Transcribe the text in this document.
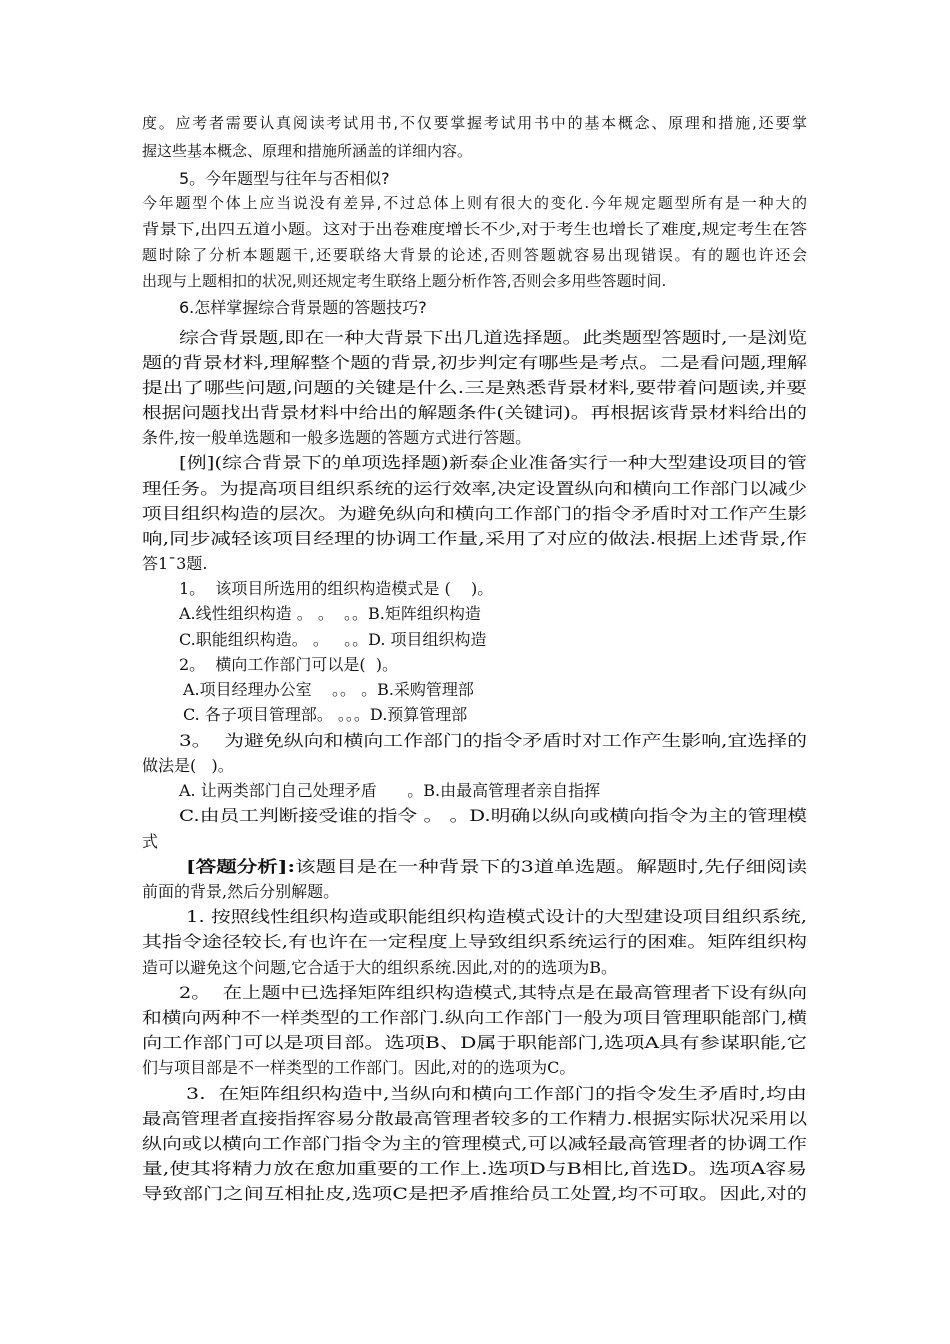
度。应考者需要认真阅读考试用书,不仅要掌握考试用书中的基本概念、原理和措施,还要掌
握这些基本概念、原理和措施所涵盖的详细内容。
5。今年题型与往年与否相似?
今年题型个体上应当说没有差异,不过总体上则有很大的变化.今年规定题型所有是一种大的
背景下,出四五道小题。这对于出卷难度增长不少,对于考生也增长了难度,规定考生在答
题时除了分析本题题干,还要联络大背景的论述,否则答题就容易出现错误。有的题也许还会
出现与上题相扣的状况,则还规定考生联络上题分析作答,否则会多用些答题时间.
6.怎样掌握综合背景题的答题技巧?
综合背景题,即在一种大背景下出几道选择题。此类题型答题时,一是浏览
题的背景材料,理解整个题的背景,初步判定有哪些是考点。二是看问题,理解
提出了哪些问题,问题的关键是什么.三是熟悉背景材料,要带着问题读,并要
根据问题找出背景材料中给出的解题条件(关键词)。再根据该背景材料给出的
条件,按一般单选题和一般多选题的答题方式进行答题。
[例](综合背景下的单项选择题)新泰企业准备实行一种大型建设项目的管
理任务。为提高项目组织系统的运行效率,决定设置纵向和横向工作部门以减少
项目组织构造的层次。为避免纵向和横向工作部门的指令矛盾时对工作产生影
响,同步减轻该项目经理的协调工作量,采用了对应的做法.根据上述背景,作
答1¯3题.
1。  该项目所选用的组织构造模式是 (    )。
A.线性组织构造 。 。  。。B.矩阵组织构造
C.职能组织构造。 。   。。D. 项目组织构造
2。  横向工作部门可以是(  )。
A.项目经理办公室    。。 。B.采购管理部
C. 各子项目管理部。 。。。D.预算管理部
3。  为避免纵向和横向工作部门的指令矛盾时对工作产生影响,宜选择的
做法是(   )。
A. 让两类部门自己处理矛盾      。B.由最高管理者亲自指挥
C.由员工判断接受谁的指令 。 。D.明确以纵向或横向指令为主的管理模
式
[答题分析]:该题目是在一种背景下的3道单选题。解题时,先仔细阅读
前面的背景,然后分别解题。
1. 按照线性组织构造或职能组织构造模式设计的大型建设项目组织系统,
其指令途径较长,有也许在一定程度上导致组织系统运行的困难。矩阵组织构
造可以避免这个问题,它合适于大的组织系统.因此,对的的选项为B。
2。  在上题中已选择矩阵组织构造模式,其特点是在最高管理者下设有纵向
和横向两种不一样类型的工作部门.纵向工作部门一般为项目管理职能部门,横
向工作部门可以是项目部。选项B、D属于职能部门,选项A具有参谋职能,它
们与项目部是不一样类型的工作部门。因此,对的的选项为C。
3.  在矩阵组织构造中,当纵向和横向工作部门的指令发生矛盾时,均由
最高管理者直接指挥容易分散最高管理者较多的工作精力.根据实际状况采用以
纵向或以横向工作部门指令为主的管理模式,可以减轻最高管理者的协调工作
量,使其将精力放在愈加重要的工作上.选项D与B相比,首选D。选项A容易
导致部门之间互相扯皮,选项C是把矛盾推给员工处置,均不可取。因此,对的
